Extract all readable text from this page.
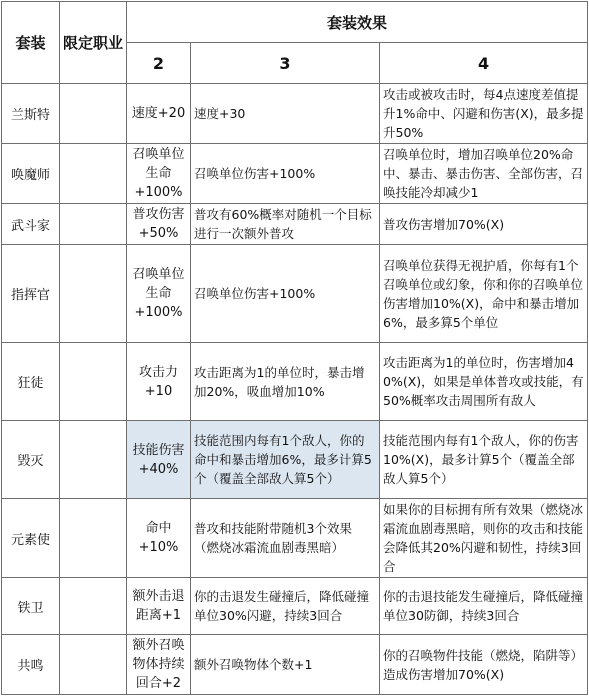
套装	限定职业	套装效果		
		2	3	4
兰斯特		速度+20	速度+30	攻击或被攻击时，每4点速度差值提升1%命中、闪避和伤害(X)，最多提升50%
唤魔师		召唤单位生命+100%	召唤单位伤害+100%	召唤单位时，增加召唤单位20%命中、暴击、暴击伤害、全部伤害，召唤技能冷却减少1
武斗家		普攻伤害+50%	普攻有60%概率对随机一个目标进行一次额外普攻	普攻伤害增加70%(X)
指挥官		召唤单位生命+100%	召唤单位伤害+100%	召唤单位获得无视护盾，你每有1个召唤单位或幻象，你和你的召唤单位伤害增加10%(X)，命中和暴击增加6%，最多算5个单位
狂徒		攻击力+10	攻击距离为1的单位时，暴击增加20%，吸血增加10%	攻击距离为1的单位时，伤害增加40%(X)，如果是单体普攻或技能，有50%概率攻击周围所有敌人
毁灭		技能伤害+40%	技能范围内每有1个敌人，你的命中和暴击增加6%，最多计算5个（覆盖全部敌人算5个）	技能范围内每有1个敌人，你的伤害10%(X)，最多计算5个（覆盖全部敌人算5个）
元素使		命中+10%	普攻和技能附带随机3个效果（燃烧冰霜流血剧毒黑暗）	如果你的目标拥有所有效果（燃烧冰霜流血剧毒黑暗，则你的攻击和技能会降低其20%闪避和韧性，持续3回合
铁卫		额外击退距离+1	你的击退发生碰撞后，降低碰撞单位30%闪避，持续3回合	你的击退技能发生碰撞后，降低碰撞单位30防御，持续3回合
共鸣		额外召唤物体持续回合+2	额外召唤物体个数+1	你的召唤物件技能（燃烧，陷阱等）造成伤害增加70%(X)
